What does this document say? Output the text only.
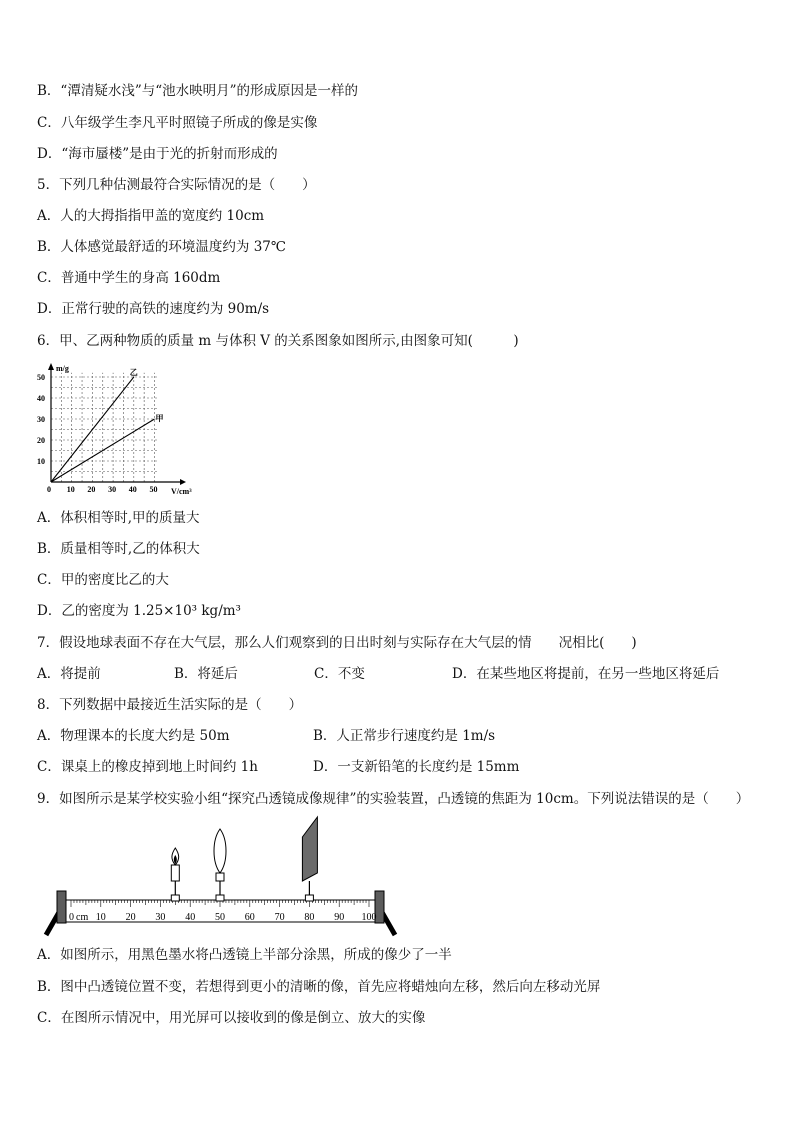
B．“潭清疑水浅”与“池水映明月”的形成原因是一样的
C．八年级学生李凡平时照镜子所成的像是实像
D．“海市蜃楼”是由于光的折射而形成的
5．下列几种估测最符合实际情况的是（　　）
A．人的大拇指指甲盖的宽度约 10cm
B．人体感觉最舒适的环境温度约为 37℃
C．普通中学生的身高 160dm
D．正常行驶的高铁的速度约为 90m/s
6．甲、乙两种物质的质量 m 与体积 V 的关系图象如图所示,由图象可知(　　　)
m/g
V/cm³
0 10 20 30 40 50
10
20
30
40
50
乙
甲
A．体积相等时,甲的质量大
B．质量相等时,乙的体积大
C．甲的密度比乙的大
D．乙的密度为 1.25×10³ kg/m³
7．假设地球表面不存在大气层，那么人们观察到的日出时刻与实际存在大气层的情　　况相比(　　)
A．将提前	B．将延后	C．不变	D．在某些地区将提前，在另一些地区将延后
8．下列数据中最接近生活实际的是（　　）
A．物理课本的长度大约是 50m	B．人正常步行速度约是 1m/s
C．课桌上的橡皮掉到地上时间约 1h	D．一支新铅笔的长度约是 15mm
9．如图所示是某学校实验小组“探究凸透镜成像规律”的实验装置，凸透镜的焦距为 10cm。下列说法错误的是（　　）
0 cm 10 20 30 40 50 60 70 80 90 100
A．如图所示，用黑色墨水将凸透镜上半部分涂黑，所成的像少了一半
B．图中凸透镜位置不变，若想得到更小的清晰的像，首先应将蜡烛向左移，然后向左移动光屏
C．在图所示情况中，用光屏可以接收到的像是倒立、放大的实像
